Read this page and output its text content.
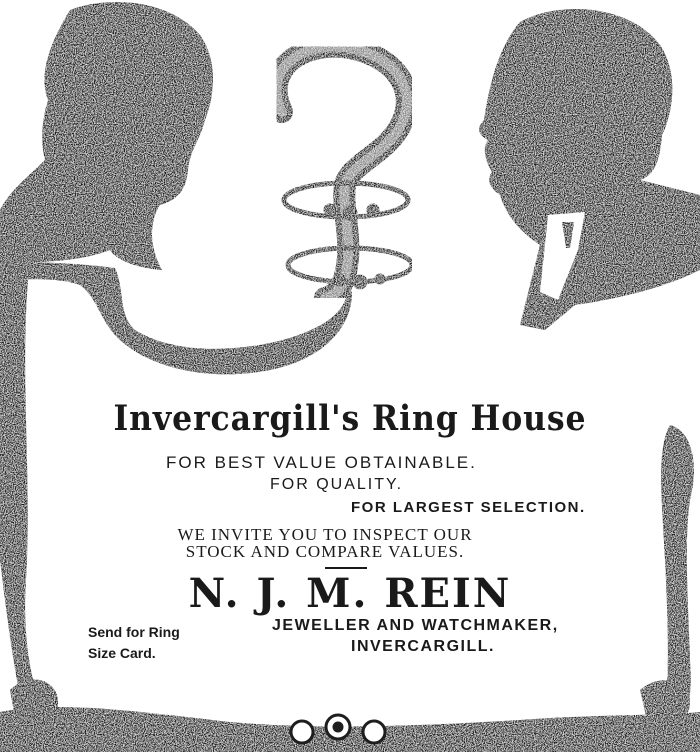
Invercargill's Ring House
FOR BEST VALUE OBTAINABLE.
FOR QUALITY.
FOR LARGEST SELECTION.
WE INVITE YOU TO INSPECT OUR
STOCK AND COMPARE VALUES.
N. J. M. REIN
Send for Ring
Size Card.
JEWELLER AND WATCHMAKER,
INVERCARGILL.
